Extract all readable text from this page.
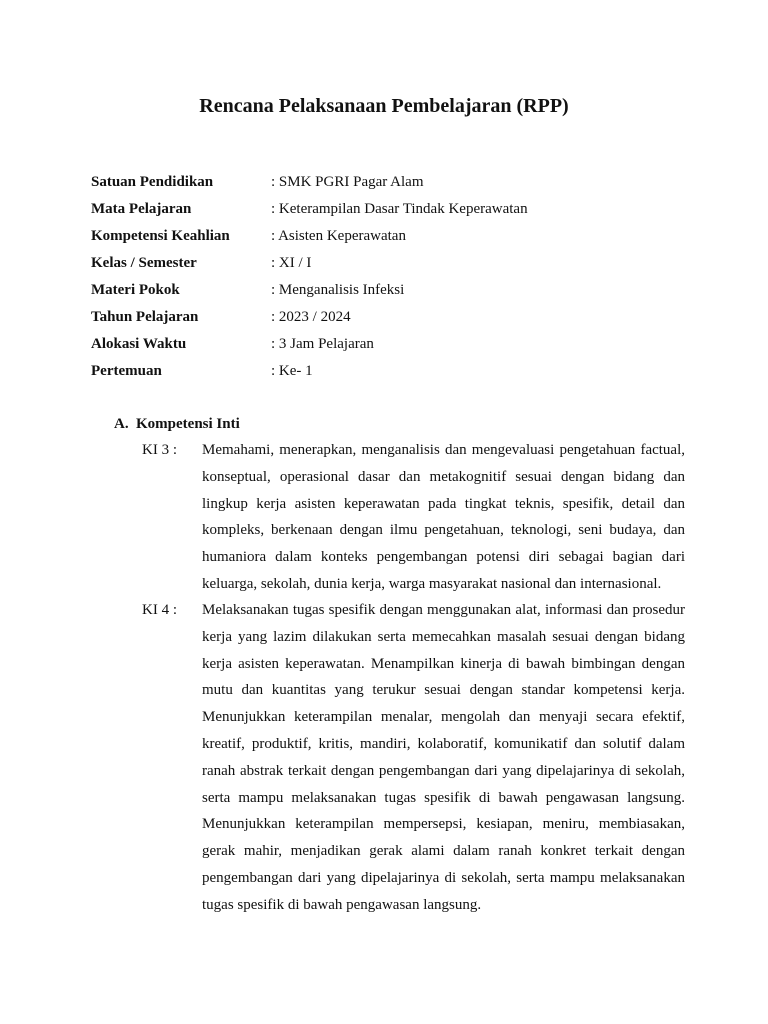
Rencana Pelaksanaan Pembelajaran (RPP)
Satuan Pendidikan	: SMK PGRI Pagar Alam
Mata Pelajaran	: Keterampilan Dasar Tindak Keperawatan
Kompetensi Keahlian	: Asisten Keperawatan
Kelas / Semester	: XI / I
Materi Pokok	: Menganalisis Infeksi
Tahun Pelajaran	: 2023 / 2024
Alokasi Waktu	: 3 Jam Pelajaran
Pertemuan	: Ke- 1
A. Kompetensi Inti
KI 3 :	Memahami, menerapkan, menganalisis dan mengevaluasi pengetahuan factual, konseptual, operasional dasar dan metakognitif sesuai dengan bidang dan lingkup kerja asisten keperawatan pada tingkat teknis, spesifik, detail dan kompleks, berkenaan dengan ilmu pengetahuan, teknologi, seni budaya, dan humaniora dalam konteks pengembangan potensi diri sebagai bagian dari keluarga, sekolah, dunia kerja, warga masyarakat nasional dan internasional.
KI 4 :	Melaksanakan tugas spesifik dengan menggunakan alat, informasi dan prosedur kerja yang lazim dilakukan serta memecahkan masalah sesuai dengan bidang kerja asisten keperawatan. Menampilkan kinerja di bawah bimbingan dengan mutu dan kuantitas yang terukur sesuai dengan standar kompetensi kerja. Menunjukkan keterampilan menalar, mengolah dan menyaji secara efektif, kreatif, produktif, kritis, mandiri, kolaboratif, komunikatif dan solutif dalam ranah abstrak terkait dengan pengembangan dari yang dipelajarinya di sekolah, serta mampu melaksanakan tugas spesifik di bawah pengawasan langsung. Menunjukkan keterampilan mempersepsi, kesiapan, meniru, membiasakan, gerak mahir, menjadikan gerak alami dalam ranah konkret terkait dengan pengembangan dari yang dipelajarinya di sekolah, serta mampu melaksanakan tugas spesifik di bawah pengawasan langsung.
